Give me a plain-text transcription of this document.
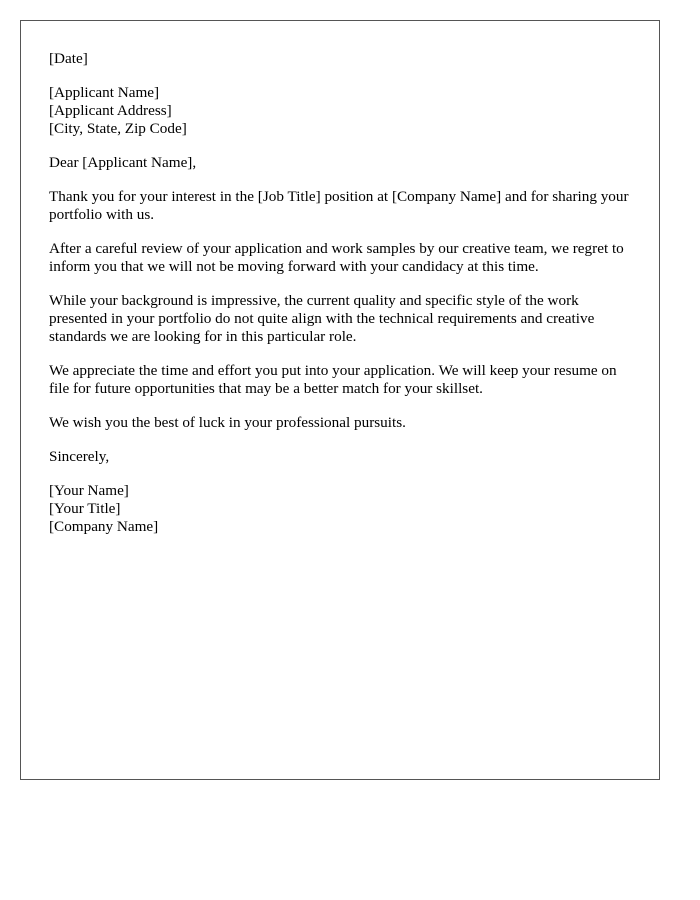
[Date]
[Applicant Name]
[Applicant Address]
[City, State, Zip Code]
Dear [Applicant Name],

Thank you for your interest in the [Job Title] position at [Company Name] and for sharing your portfolio with us.

After a careful review of your application and work samples by our creative team, we regret to inform you that we will not be moving forward with your candidacy at this time.

While your background is impressive, the current quality and specific style of the work presented in your portfolio do not quite align with the technical requirements and creative standards we are looking for in this particular role.

We appreciate the time and effort you put into your application. We will keep your resume on file for future opportunities that may be a better match for your skillset.

We wish you the best of luck in your professional pursuits.

Sincerely,
[Your Name]
[Your Title]
[Company Name]
